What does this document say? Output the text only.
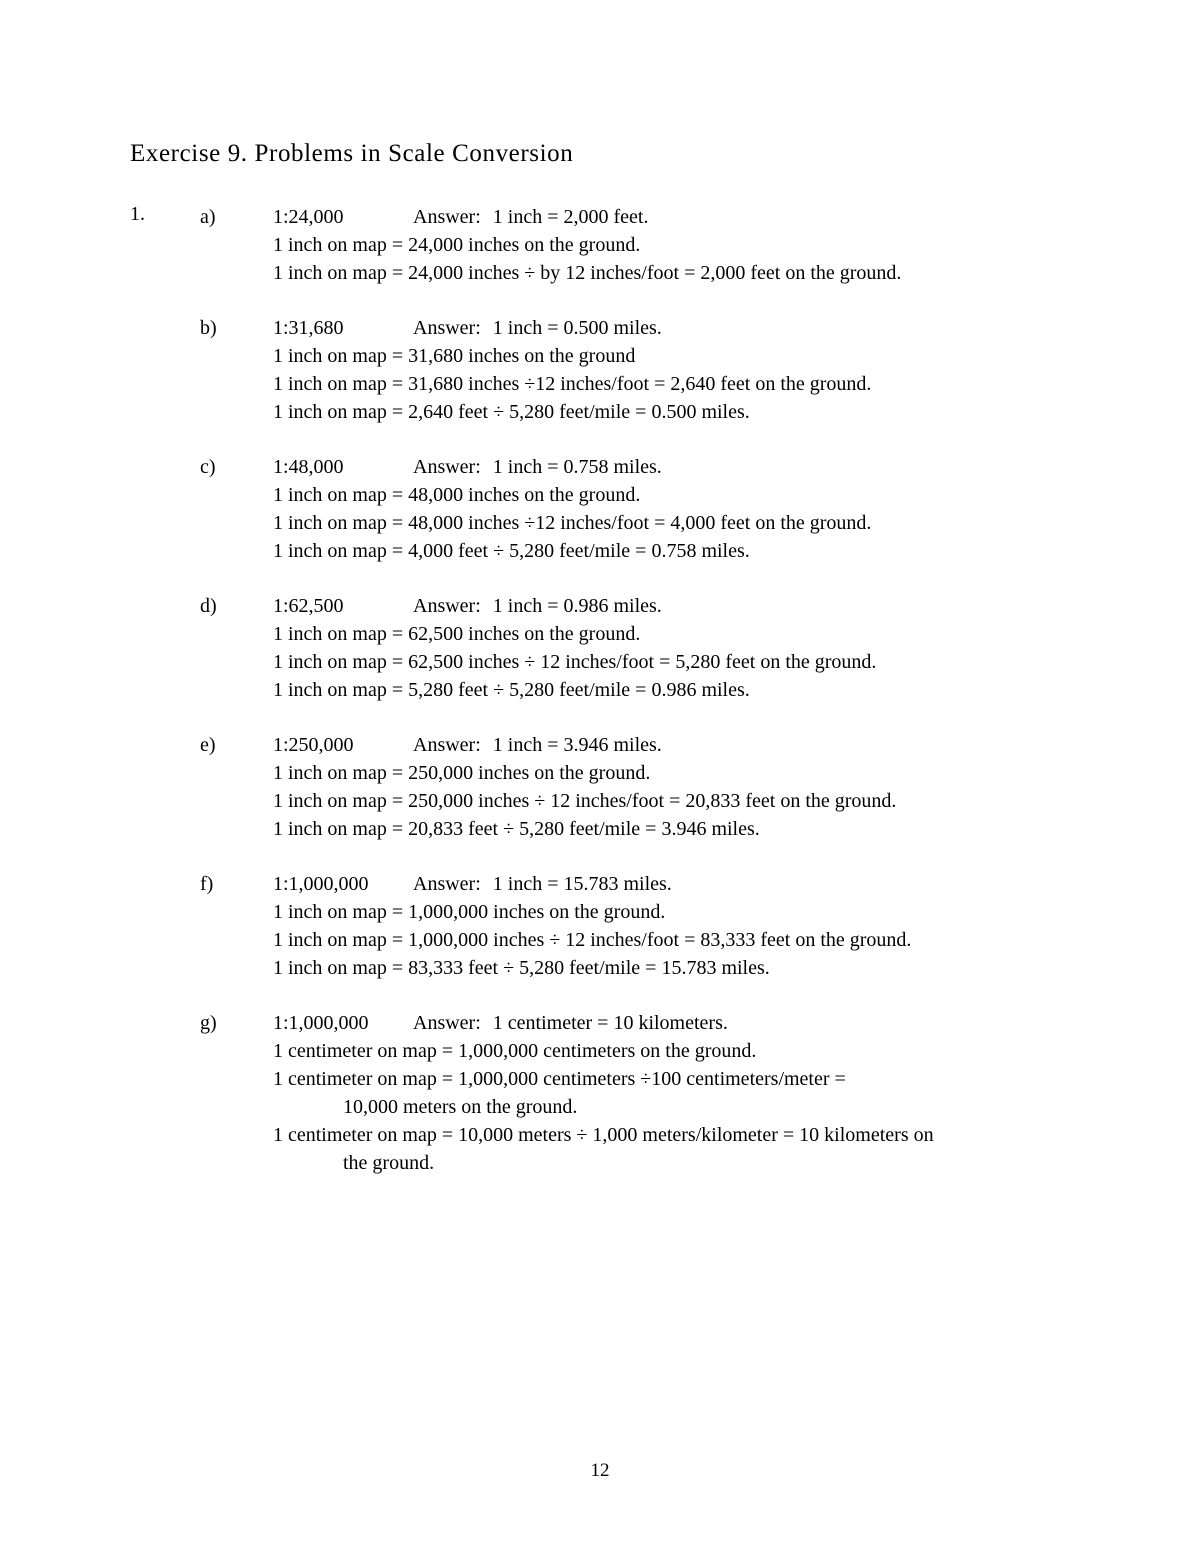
Exercise 9. Problems in Scale Conversion
1.	a)	1:24,000	Answer: 1 inch = 2,000 feet.
1 inch on map = 24,000 inches on the ground.
1 inch on map = 24,000 inches ÷ by 12 inches/foot = 2,000 feet on the ground.
b)	1:31,680	Answer: 1 inch = 0.500 miles.
1 inch on map = 31,680 inches on the ground
1 inch on map = 31,680 inches ÷12 inches/foot = 2,640 feet on the ground.
1 inch on map = 2,640 feet ÷ 5,280 feet/mile = 0.500 miles.
c)	1:48,000	Answer: 1 inch = 0.758 miles.
1 inch on map = 48,000 inches on the ground.
1 inch on map = 48,000 inches ÷12 inches/foot = 4,000 feet on the ground.
1 inch on map = 4,000 feet ÷ 5,280 feet/mile = 0.758 miles.
d)	1:62,500	Answer: 1 inch = 0.986 miles.
1 inch on map = 62,500 inches on the ground.
1 inch on map = 62,500 inches ÷ 12 inches/foot = 5,280 feet on the ground.
1 inch on map = 5,280 feet ÷ 5,280 feet/mile = 0.986 miles.
e)	1:250,000	Answer: 1 inch = 3.946 miles.
1 inch on map = 250,000 inches on the ground.
1 inch on map = 250,000 inches ÷ 12 inches/foot = 20,833 feet on the ground.
1 inch on map = 20,833 feet ÷ 5,280 feet/mile = 3.946 miles.
f)	1:1,000,000 Answer: 1 inch = 15.783 miles.
1 inch on map = 1,000,000 inches on the ground.
1 inch on map = 1,000,000 inches ÷ 12 inches/foot = 83,333 feet on the ground.
1 inch on map = 83,333 feet ÷ 5,280 feet/mile = 15.783 miles.
g)	1:1,000,000 Answer: 1 centimeter = 10 kilometers.
1 centimeter on map = 1,000,000 centimeters on the ground.
1 centimeter on map = 1,000,000 centimeters ÷100 centimeters/meter =
10,000 meters on the ground.
1 centimeter on map = 10,000 meters ÷ 1,000 meters/kilometer = 10 kilometers on
the ground.
12
